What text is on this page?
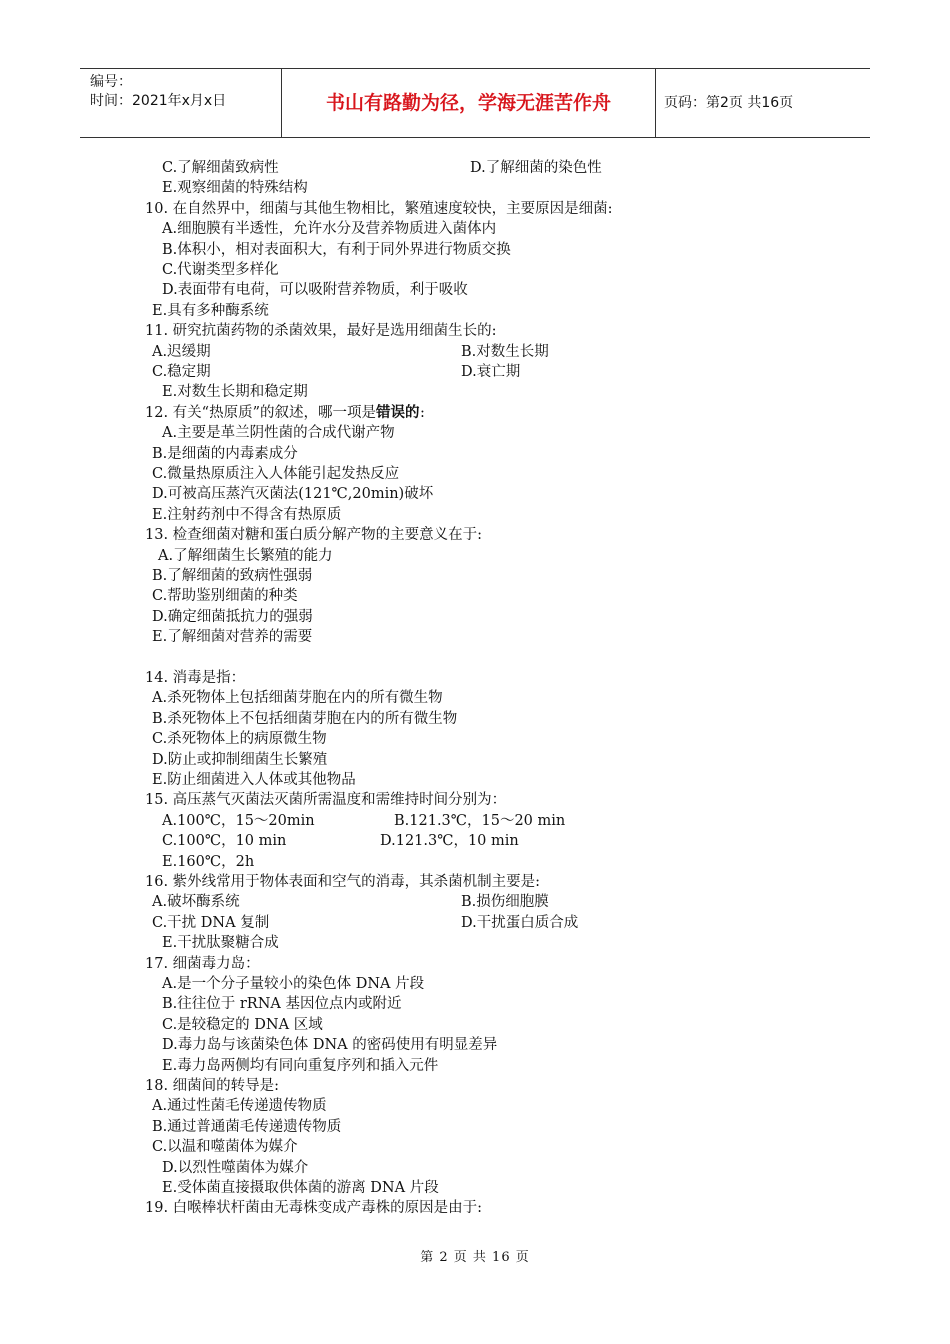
编号：
时间：2021年x月x日	书山有路勤为径，学海无涯苦作舟	页码：第2页 共16页
C.了解细菌致病性	D.了解细菌的染色性
E.观察细菌的特殊结构
10. 在自然界中，细菌与其他生物相比，繁殖速度较快，主要原因是细菌:
A.细胞膜有半透性，允许水分及营养物质进入菌体内
B.体积小，相对表面积大，有利于同外界进行物质交换
C.代谢类型多样化
D.表面带有电荷，可以吸附营养物质，利于吸收
E.具有多种酶系统
11. 研究抗菌药物的杀菌效果，最好是选用细菌生长的:
A.迟缓期	B.对数生长期
C.稳定期	D.衰亡期
E.对数生长期和稳定期
12. 有关“热原质”的叙述，哪一项是 错误的 :
A.主要是革兰阴性菌的合成代谢产物
B.是细菌的内毒素成分
C.微量热原质注入人体能引起发热反应
D.可被高压蒸汽灭菌法(121℃,20min)破坏
E.注射药剂中不得含有热原质
13. 检查细菌对糖和蛋白质分解产物的主要意义在于:
A.了解细菌生长繁殖的能力
B.了解细菌的致病性强弱
C.帮助鉴别细菌的种类
D.确定细菌抵抗力的强弱
E.了解细菌对营养的需要
14. 消毒是指：
A.杀死物体上包括细菌芽胞在内的所有微生物
B.杀死物体上不包括细菌芽胞在内的所有微生物
C.杀死物体上的病原微生物
D.防止或抑制细菌生长繁殖
E.防止细菌进入人体或其他物品
15. 高压蒸气灭菌法灭菌所需温度和需维持时间分别为：
A.100℃，15～20min	B.121.3℃，15～20 min
C.100℃，10 min	D.121.3℃，10 min
E.160℃，2h
16. 紫外线常用于物体表面和空气的消毒，其杀菌机制主要是:
A.破坏酶系统	B.损伤细胞膜
C.干扰 DNA 复制	D.干扰蛋白质合成
E.干扰肽聚糖合成
17. 细菌毒力岛：
A.是一个分子量较小的染色体 DNA 片段
B.往往位于 rRNA 基因位点内或附近
C.是较稳定的 DNA 区域
D.毒力岛与该菌染色体 DNA 的密码使用有明显差异
E.毒力岛两侧均有同向重复序列和插入元件
18. 细菌间的转导是:
A.通过性菌毛传递遗传物质
B.通过普通菌毛传递遗传物质
C.以温和噬菌体为媒介
D.以烈性噬菌体为媒介
E.受体菌直接摄取供体菌的游离 DNA 片段
19. 白喉棒状杆菌由无毒株变成产毒株的原因是由于:
第 2 页 共 16 页
